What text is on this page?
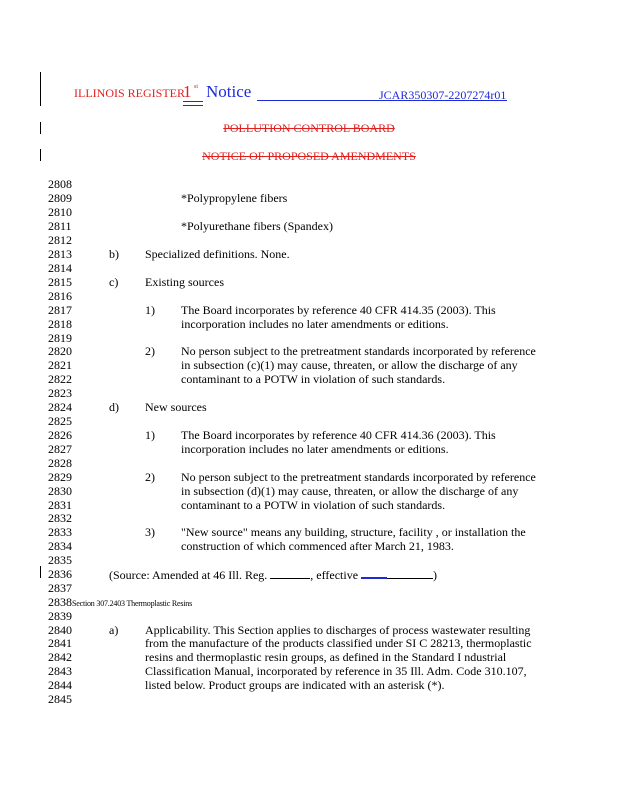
ILLINOIS REGISTER
1 st Notice	JCAR350307-2207274r01
POLLUTION CONTROL BOARD
NOTICE OF PROPOSED AMENDMENTS
2808
2809
2810
2811
2812
2813
2814
2815
2816
2817
2818
2819
2820
2821
2822
2823
2824
2825
2826
2827
2828
2829
2830
2831
2832
2833
2834
2835
2836
2837
*Polypropylene fibers
*Polyurethane fibers (Spandex)
b) Specialized definitions. None.
c) Existing sources
1) The Board incorporates by reference 40 CFR 414.35 (2003). This
incorporation includes no later amendments or editions.
2) No person subject to the pretreatment standards incorporated by reference
in subsection (c)(1) may cause, threaten, or allow the discharge of any
contaminant to a POTW in violation of such standards.
d) New sources
1) The Board incorporates by reference 40 CFR 414.36 (2003). This
incorporation includes no later amendments or editions.
2) No person subject to the pretreatment standards incorporated by reference
in subsection (d)(1) may cause, threaten, or allow the discharge of any
contaminant to a POTW in violation of such standards.
3) "New source" means any building, structure, facility , or installation the
construction of which commenced after March 21, 1983.
(Source: Amended at 46 Ill. Reg.	, effective	)
2838Section 307.2403 Thermoplastic Resins
2839
2840
2841
2842
2843
2844
2845
a) Applicability. This Section applies to discharges of process wastewater resulting
from the manufacture of the products classified under SI C 28213, thermoplastic
resins and thermoplastic resin groups, as defined in the Standard I ndustrial
Classification Manual, incorporated by reference in 35 Ill. Adm. Code 310.107,
listed below. Product groups are indicated with an asterisk (*).
